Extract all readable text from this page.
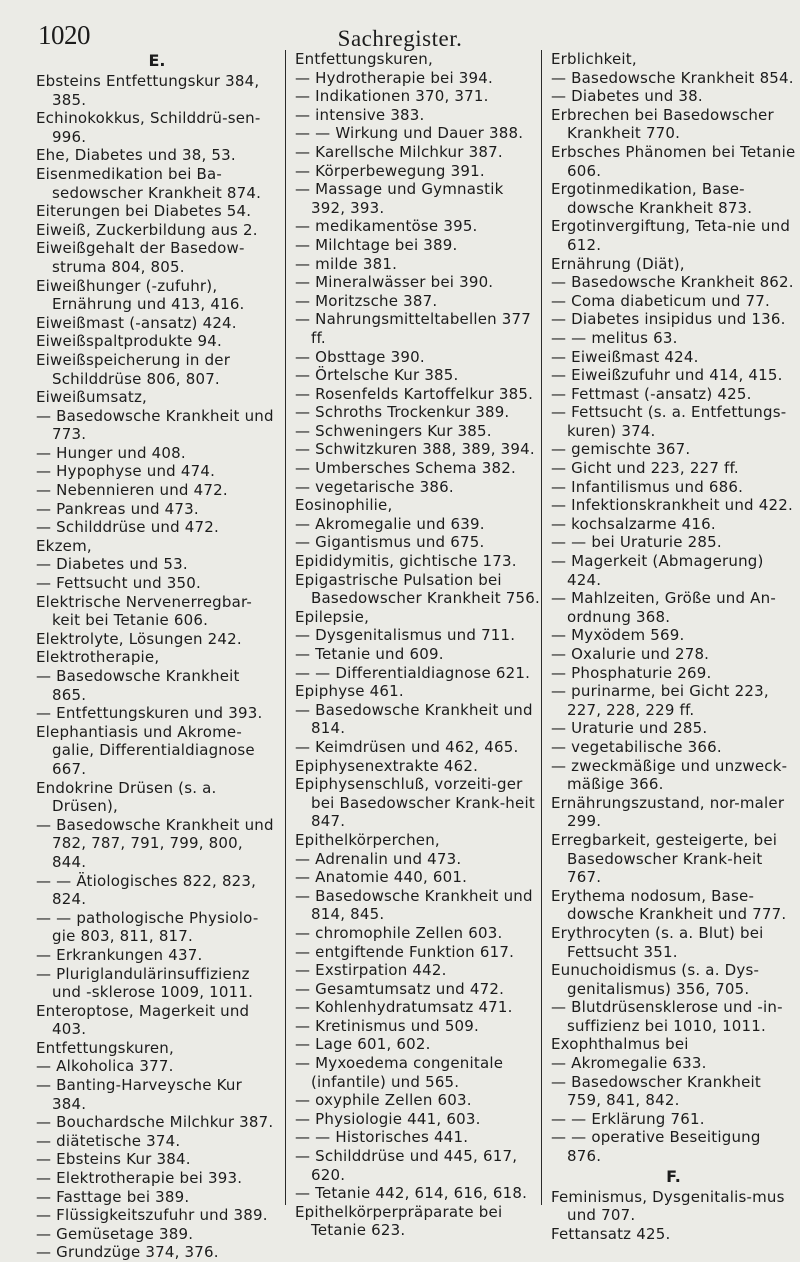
1020	Sachregister.
E.
Ebsteins Entfettungskur 384, 385.
Echinokokkus, Schilddrü-sen- 996.
Ehe, Diabetes und 38, 53.
Eisenmedikation bei Ba-sedowscher Krankheit 874.
Eiterungen bei Diabetes 54.
Eiweiß, Zuckerbildung aus 2.
Eiweißgehalt der Basedow-struma 804, 805.
Eiweißhunger (-zufuhr), Ernährung und 413, 416.
Eiweißmast (-ansatz) 424.
Eiweißspaltprodukte 94.
Eiweißspeicherung in der Schilddrüse 806, 807.
Eiweißumsatz,
— Basedowsche Krankheit und 773.
— Hunger und 408.
— Hypophyse und 474.
— Nebennieren und 472.
— Pankreas und 473.
— Schilddrüse und 472.
Ekzem,
— Diabetes und 53.
— Fettsucht und 350.
Elektrische Nervenerregbar-keit bei Tetanie 606.
Elektrolyte, Lösungen 242.
Elektrotherapie,
— Basedowsche Krankheit 865.
— Entfettungskuren und 393.
Elephantiasis und Akrome-galie, Differentialdiagnose 667.
Endokrine Drüsen (s. a. Drüsen),
— Basedowsche Krankheit und 782, 787, 791, 799, 800, 844.
— — Ätiologisches 822, 823, 824.
— — pathologische Physiolo-gie 803, 811, 817.
— Erkrankungen 437.
— Pluriglandulärinsuffizienz und -sklerose 1009, 1011.
Enteroptose, Magerkeit und 403.
Entfettungskuren,
— Alkoholica 377.
— Banting-Harveysche Kur 384.
— Bouchardsche Milchkur 387.
— diätetische 374.
— Ebsteins Kur 384.
— Elektrotherapie bei 393.
— Fasttage bei 389.
— Flüssigkeitszufuhr und 389.
— Gemüsetage 389.
— Grundzüge 374, 376.
Entfettungskuren,
— Hydrotherapie bei 394.
— Indikationen 370, 371.
— intensive 383.
— — Wirkung und Dauer 388.
— Karellsche Milchkur 387.
— Körperbewegung 391.
— Massage und Gymnastik 392, 393.
— medikamentöse 395.
— Milchtage bei 389.
— milde 381.
— Mineralwässer bei 390.
— Moritzsche 387.
— Nahrungsmitteltabellen 377 ff.
— Obsttage 390.
— Örtelsche Kur 385.
— Rosenfelds Kartoffelkur 385.
— Schroths Trockenkur 389.
— Schweningers Kur 385.
— Schwitzkuren 388, 389, 394.
— Umbersches Schema 382.
— vegetarische 386.
Eosinophilie,
— Akromegalie und 639.
— Gigantismus und 675.
Epididymitis, gichtische 173.
Epigastrische Pulsation bei Basedowscher Krankheit 756.
Epilepsie,
— Dysgenitalismus und 711.
— Tetanie und 609.
— — Differentialdiagnose 621.
Epiphyse 461.
— Basedowsche Krankheit und 814.
— Keimdrüsen und 462, 465.
Epiphysenextrakte 462.
Epiphysenschluß, vorzeiti-ger bei Basedowscher Krank-heit 847.
Epithelkörperchen,
— Adrenalin und 473.
— Anatomie 440, 601.
— Basedowsche Krankheit und 814, 845.
— chromophile Zellen 603.
— entgiftende Funktion 617.
— Exstirpation 442.
— Gesamtumsatz und 472.
— Kohlenhydratumsatz 471.
— Kretinismus und 509.
— Lage 601, 602.
— Myxoedema congenitale (infantile) und 565.
— oxyphile Zellen 603.
— Physiologie 441, 603.
— — Historisches 441.
— Schilddrüse und 445, 617, 620.
— Tetanie 442, 614, 616, 618.
Epithelkörperpräparate bei Tetanie 623.
Erblichkeit,
— Basedowsche Krankheit 854.
— Diabetes und 38.
Erbrechen bei Basedowscher Krankheit 770.
Erbsches Phänomen bei Tetanie 606.
Ergotinmedikation, Base-dowsche Krankheit 873.
Ergotinvergiftung, Teta-nie und 612.
Ernährung (Diät),
— Basedowsche Krankheit 862.
— Coma diabeticum und 77.
— Diabetes insipidus und 136.
— — melitus 63.
— Eiweißmast 424.
— Eiweißzufuhr und 414, 415.
— Fettmast (-ansatz) 425.
— Fettsucht (s. a. Entfettungs-kuren) 374.
— gemischte 367.
— Gicht und 223, 227 ff.
— Infantilismus und 686.
— Infektionskrankheit und 422.
— kochsalzarme 416.
— — bei Uraturie 285.
— Magerkeit (Abmagerung) 424.
— Mahlzeiten, Größe und An-ordnung 368.
— Myxödem 569.
— Oxalurie und 278.
— Phosphaturie 269.
— purinarme, bei Gicht 223, 227, 228, 229 ff.
— Uraturie und 285.
— vegetabilische 366.
— zweckmäßige und unzweck-mäßige 366.
Ernährungszustand, nor-maler 299.
Erregbarkeit, gesteigerte, bei Basedowscher Krank-heit 767.
Erythema nodosum, Base-dowsche Krankheit und 777.
Erythrocyten (s. a. Blut) bei Fettsucht 351.
Eunuchoidismus (s. a. Dys-genitalismus) 356, 705.
— Blutdrüsensklerose und -in-suffizienz bei 1010, 1011.
Exophthalmus bei
— Akromegalie 633.
— Basedowscher Krankheit 759, 841, 842.
— — Erklärung 761.
— — operative Beseitigung 876.
F.
Feminismus, Dysgenitalis-mus und 707.
Fettansatz 425.
